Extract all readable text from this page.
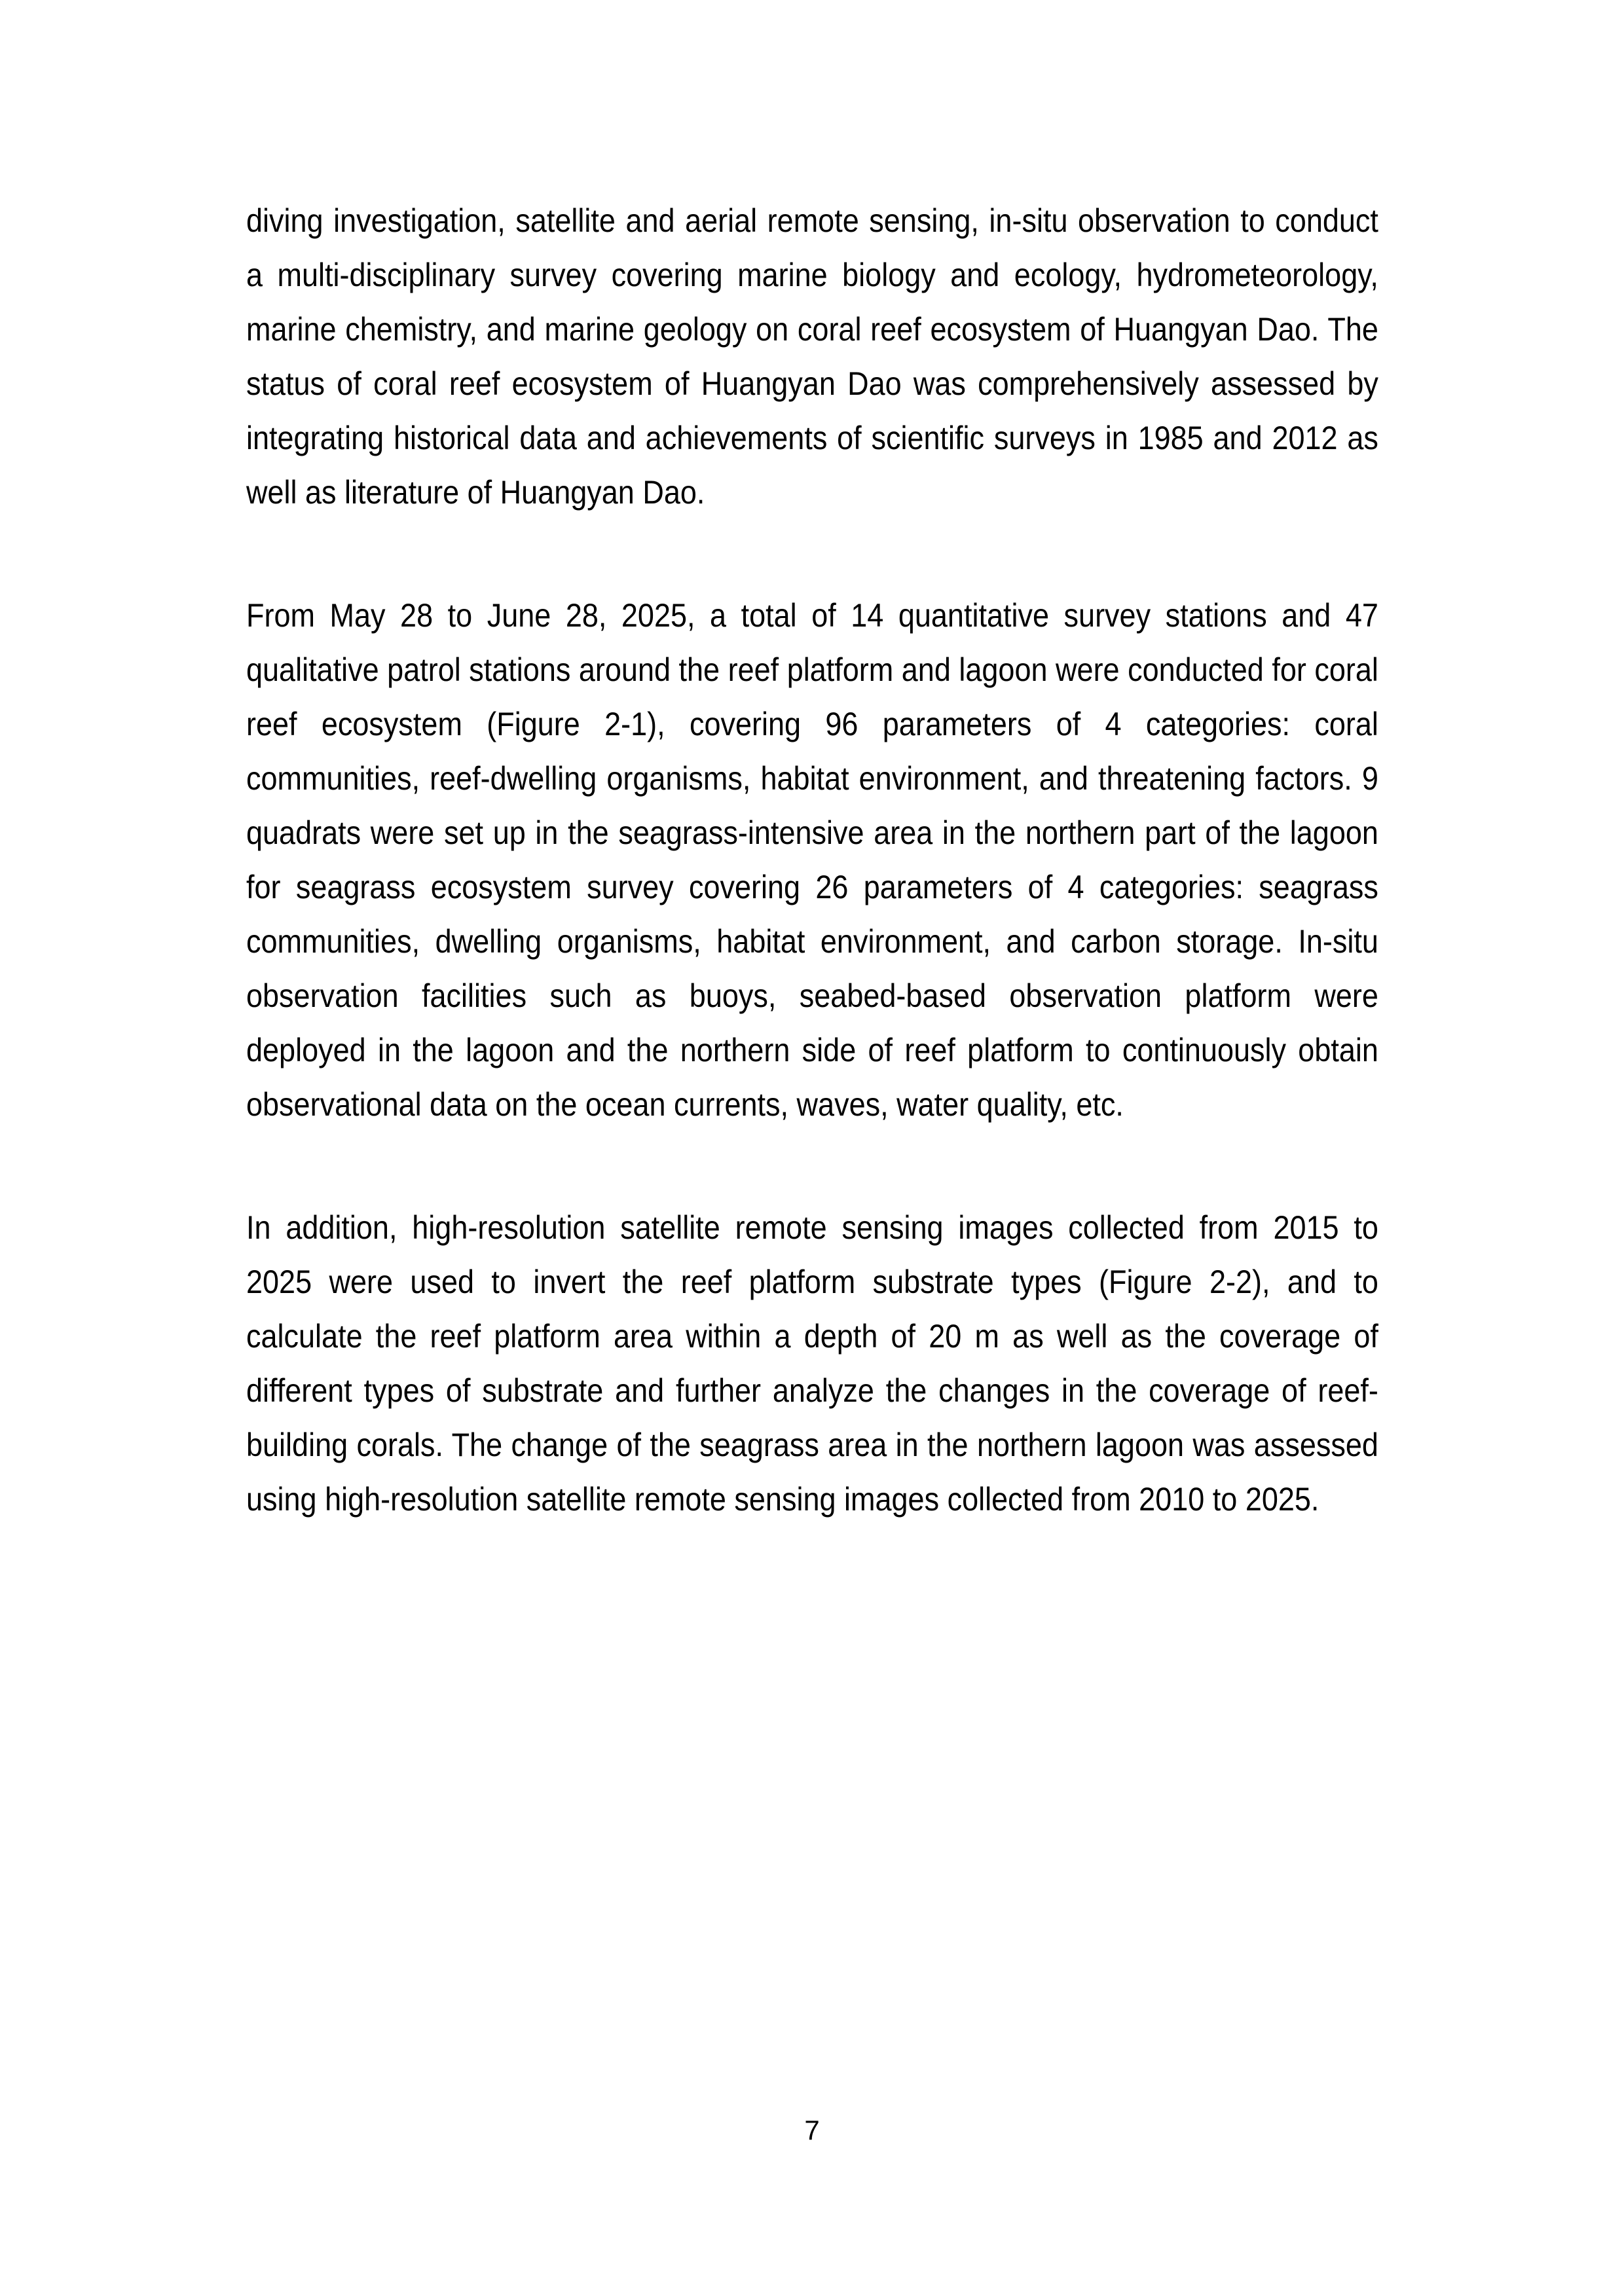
diving investigation, satellite and aerial remote sensing, in-situ observation to conduct a multi-disciplinary survey covering marine biology and ecology, hydrometeorology, marine chemistry, and marine geology on coral reef ecosystem of Huangyan Dao. The status of coral reef ecosystem of Huangyan Dao was comprehensively assessed by integrating historical data and achievements of scientific surveys in 1985 and 2012 as well as literature of Huangyan Dao.

From May 28 to June 28, 2025, a total of 14 quantitative survey stations and 47 qualitative patrol stations around the reef platform and lagoon were conducted for coral reef ecosystem (Figure 2-1), covering 96 parameters of 4 categories: coral communities, reef-dwelling organisms, habitat environment, and threatening factors. 9 quadrats were set up in the seagrass-intensive area in the northern part of the lagoon for seagrass ecosystem survey covering 26 parameters of 4 categories: seagrass communities, dwelling organisms, habitat environment, and carbon storage. In-situ observation facilities such as buoys, seabed-based observation platform were deployed in the lagoon and the northern side of reef platform to continuously obtain observational data on the ocean currents, waves, water quality, etc.

In addition, high-resolution satellite remote sensing images collected from 2015 to 2025 were used to invert the reef platform substrate types (Figure 2-2), and to calculate the reef platform area within a depth of 20 m as well as the coverage of different types of substrate and further analyze the changes in the coverage of reef-building corals. The change of the seagrass area in the northern lagoon was assessed using high-resolution satellite remote sensing images collected from 2010 to 2025.

7
